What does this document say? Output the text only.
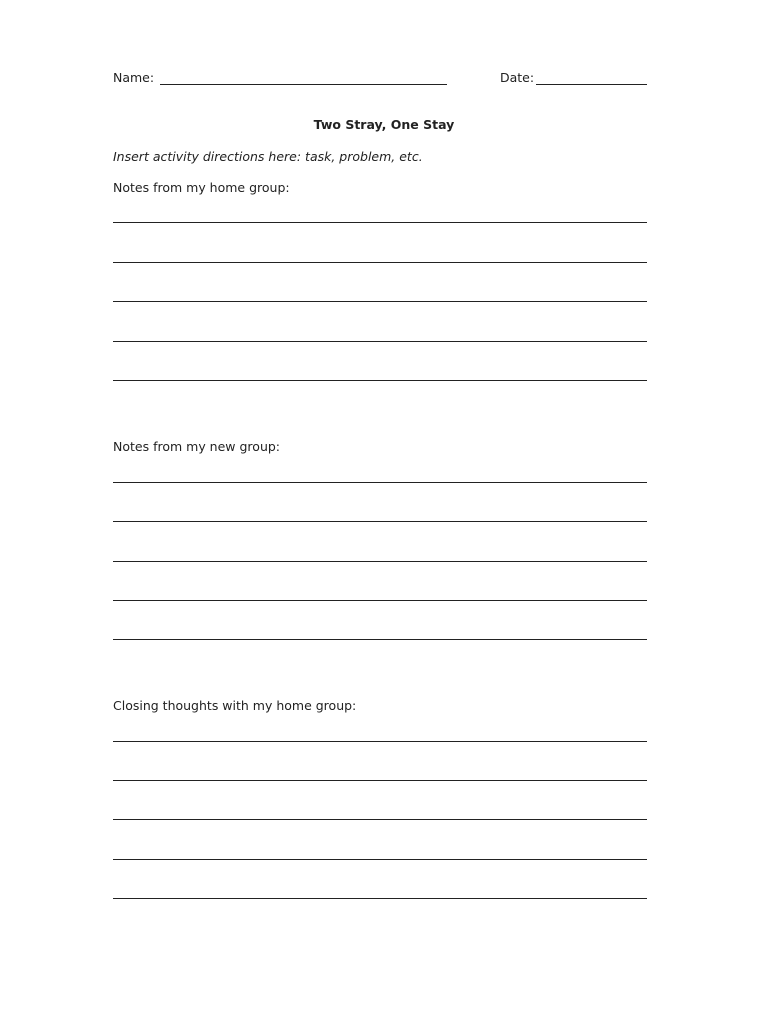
Name:

	Date:

Two Stray, One Stay
Insert activity directions here: task, problem, etc.
Notes from my home group:
Notes from my new group:
Closing thoughts with my home group:
